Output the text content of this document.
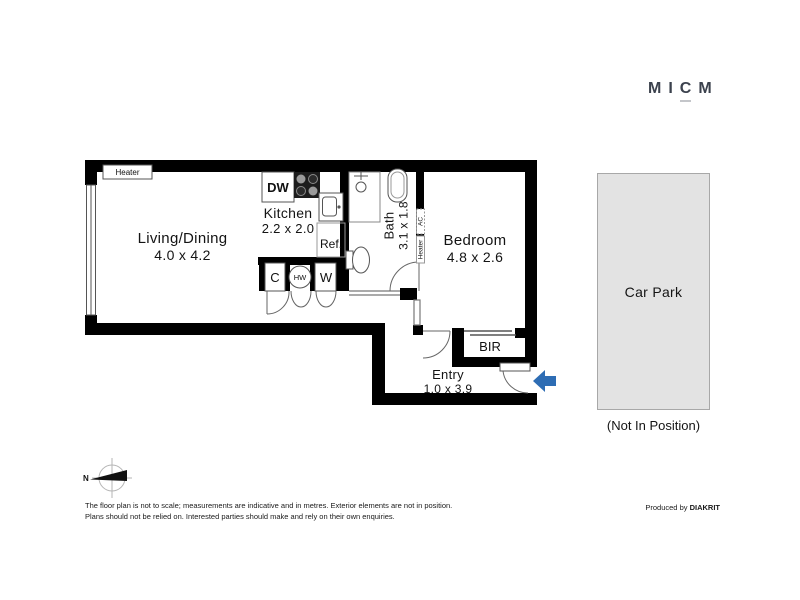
M I C M
DW
Ref.
C HW W
BIR
Heater
AC
Heater
N
Living/Dining
4.0 x 4.2
Kitchen
2.2 x 2.0	Bath 3.1 x 1.8	Bedroom
4.8 x 2.6
Entry
1.0 x 3.9
Car Park
(Not In Position)
The floor plan is not to scale; measurements are indicative and in metres. Exterior elements are not in position.
Plans should not be relied on. Interested parties should make and rely on their own enquiries.
Produced by DIAKRIT
